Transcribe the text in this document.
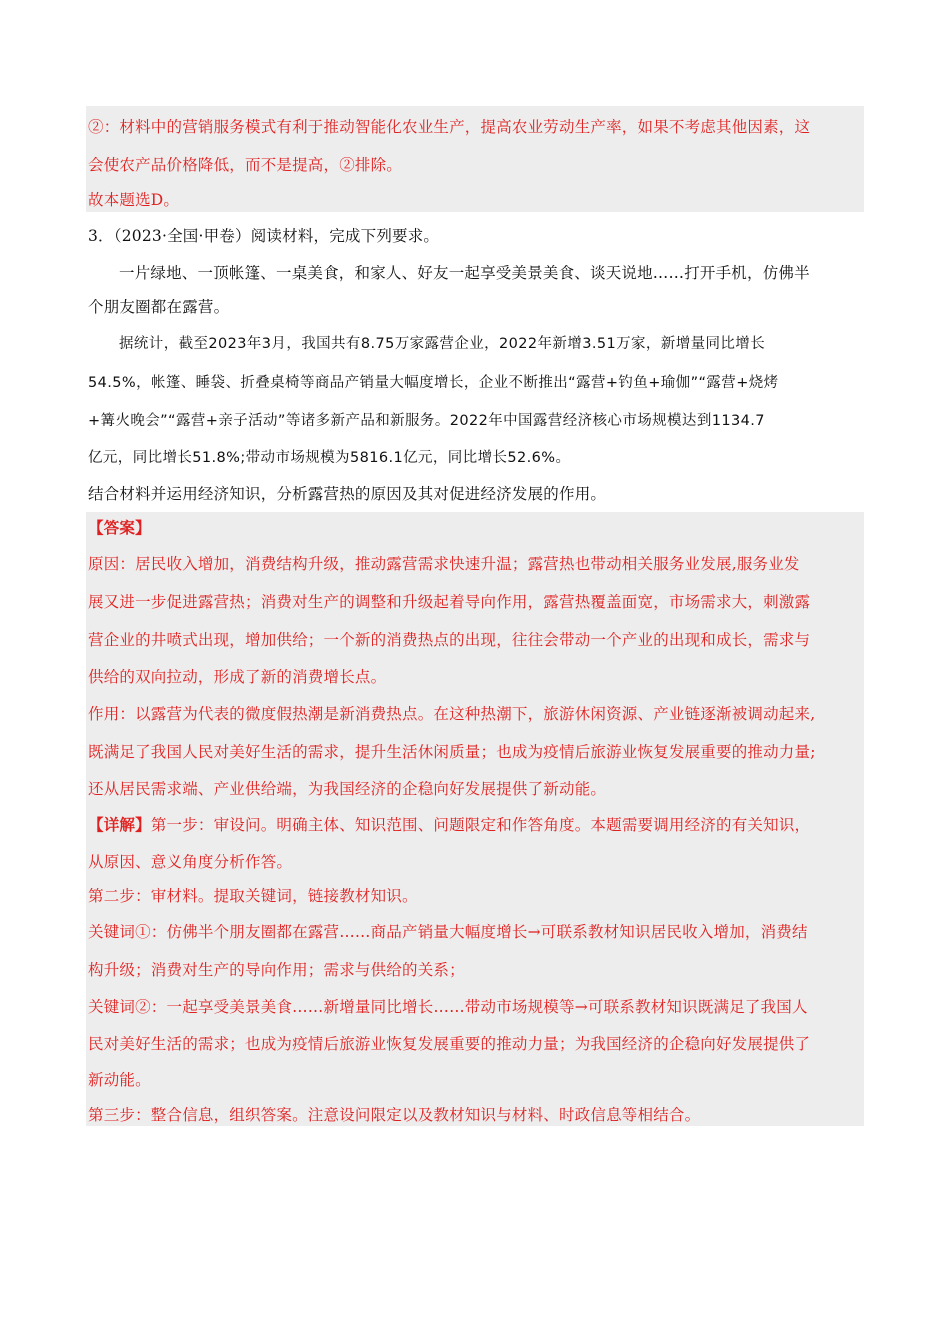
②：材料中的营销服务模式有利于推动智能化农业生产，提高农业劳动生产率，如果不考虑其他因素，这
会使农产品价格降低，而不是提高，②排除。
故本题选D。
3．（2023·全国·甲卷）阅读材料，完成下列要求。
一片绿地、一顶帐篷、一桌美食，和家人、好友一起享受美景美食、谈天说地……打开手机，仿佛半
个朋友圈都在露营。
据统计，截至2023年3月，我国共有8.75万家露营企业，2022年新增3.51万家，新增量同比增长
54.5%，帐篷、睡袋、折叠桌椅等商品产销量大幅度增长，企业不断推出“露营+钓鱼+瑜伽”“露营+烧烤
+篝火晚会”“露营+亲子活动”等诸多新产品和新服务。2022年中国露营经济核心市场规模达到1134.7
亿元，同比增长51.8%;带动市场规模为5816.1亿元，同比增长52.6%。
结合材料并运用经济知识，分析露营热的原因及其对促进经济发展的作用。
【答案】
原因：居民收入增加，消费结构升级，推动露营需求快速升温；露营热也带动相关服务业发展,服务业发
展又进一步促进露营热；消费对生产的调整和升级起着导向作用，露营热覆盖面宽，市场需求大，刺激露
营企业的井喷式出现，增加供给；一个新的消费热点的出现，往往会带动一个产业的出现和成长，需求与
供给的双向拉动，形成了新的消费增长点。
作用：以露营为代表的微度假热潮是新消费热点。在这种热潮下，旅游休闲资源、产业链逐渐被调动起来,
既满足了我国人民对美好生活的需求，提升生活休闲质量；也成为疫情后旅游业恢复发展重要的推动力量;
还从居民需求端、产业供给端，为我国经济的企稳向好发展提供了新动能。
【详解】第一步：审设问。明确主体、知识范围、问题限定和作答角度。本题需要调用经济的有关知识，
从原因、意义角度分析作答。
第二步：审材料。提取关键词，链接教材知识。
关键词①：仿佛半个朋友圈都在露营……商品产销量大幅度增长→可联系教材知识居民收入增加，消费结
构升级；消费对生产的导向作用；需求与供给的关系；
关键词②：一起享受美景美食……新增量同比增长……带动市场规模等→可联系教材知识既满足了我国人
民对美好生活的需求；也成为疫情后旅游业恢复发展重要的推动力量；为我国经济的企稳向好发展提供了
新动能。
第三步：整合信息，组织答案。注意设问限定以及教材知识与材料、时政信息等相结合。
